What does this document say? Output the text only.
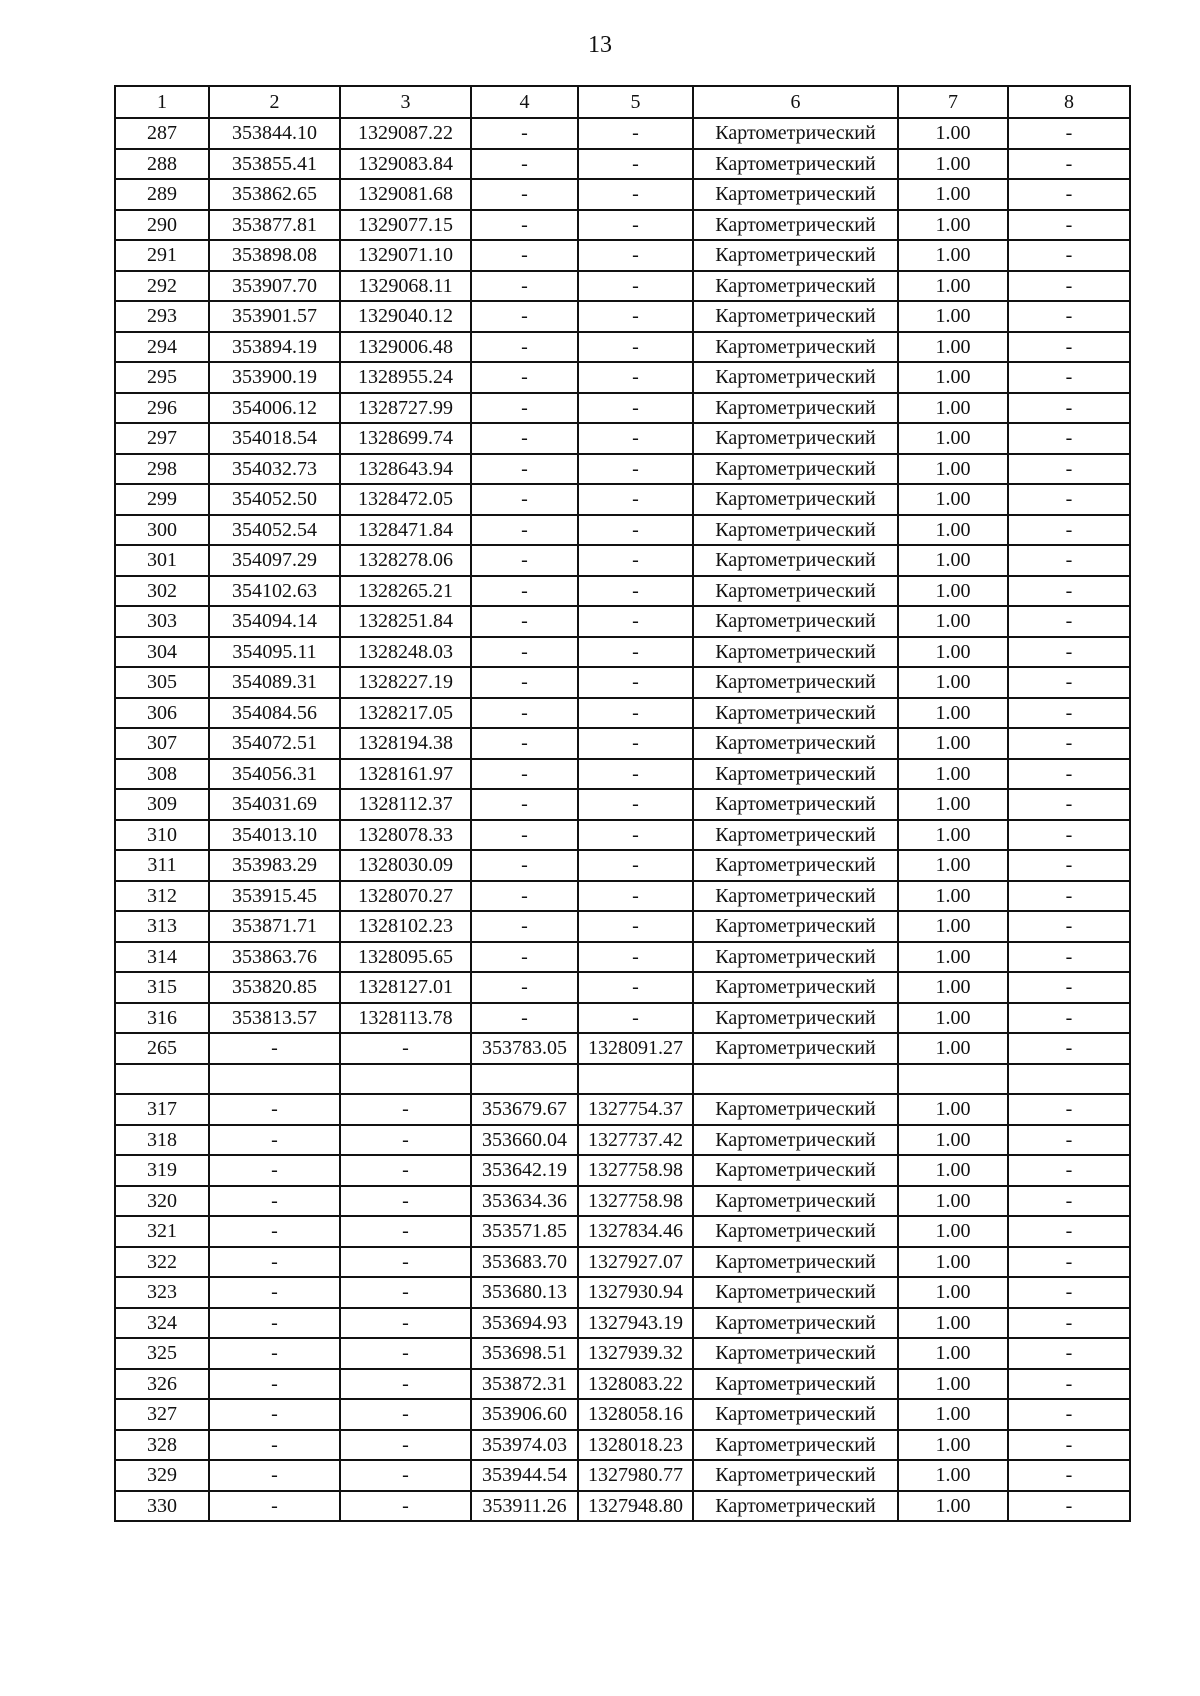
13
1	2	3	4	5	6	7	8
287	353844.10	1329087.22	-	-	Картометрический	1.00	-
288	353855.41	1329083.84	-	-	Картометрический	1.00	-
289	353862.65	1329081.68	-	-	Картометрический	1.00	-
290	353877.81	1329077.15	-	-	Картометрический	1.00	-
291	353898.08	1329071.10	-	-	Картометрический	1.00	-
292	353907.70	1329068.11	-	-	Картометрический	1.00	-
293	353901.57	1329040.12	-	-	Картометрический	1.00	-
294	353894.19	1329006.48	-	-	Картометрический	1.00	-
295	353900.19	1328955.24	-	-	Картометрический	1.00	-
296	354006.12	1328727.99	-	-	Картометрический	1.00	-
297	354018.54	1328699.74	-	-	Картометрический	1.00	-
298	354032.73	1328643.94	-	-	Картометрический	1.00	-
299	354052.50	1328472.05	-	-	Картометрический	1.00	-
300	354052.54	1328471.84	-	-	Картометрический	1.00	-
301	354097.29	1328278.06	-	-	Картометрический	1.00	-
302	354102.63	1328265.21	-	-	Картометрический	1.00	-
303	354094.14	1328251.84	-	-	Картометрический	1.00	-
304	354095.11	1328248.03	-	-	Картометрический	1.00	-
305	354089.31	1328227.19	-	-	Картометрический	1.00	-
306	354084.56	1328217.05	-	-	Картометрический	1.00	-
307	354072.51	1328194.38	-	-	Картометрический	1.00	-
308	354056.31	1328161.97	-	-	Картометрический	1.00	-
309	354031.69	1328112.37	-	-	Картометрический	1.00	-
310	354013.10	1328078.33	-	-	Картометрический	1.00	-
311	353983.29	1328030.09	-	-	Картометрический	1.00	-
312	353915.45	1328070.27	-	-	Картометрический	1.00	-
313	353871.71	1328102.23	-	-	Картометрический	1.00	-
314	353863.76	1328095.65	-	-	Картометрический	1.00	-
315	353820.85	1328127.01	-	-	Картометрический	1.00	-
316	353813.57	1328113.78	-	-	Картометрический	1.00	-
265	-	-	353783.05	1328091.27	Картометрический	1.00	-

317	-	-	353679.67	1327754.37	Картометрический	1.00	-
318	-	-	353660.04	1327737.42	Картометрический	1.00	-
319	-	-	353642.19	1327758.98	Картометрический	1.00	-
320	-	-	353634.36	1327758.98	Картометрический	1.00	-
321	-	-	353571.85	1327834.46	Картометрический	1.00	-
322	-	-	353683.70	1327927.07	Картометрический	1.00	-
323	-	-	353680.13	1327930.94	Картометрический	1.00	-
324	-	-	353694.93	1327943.19	Картометрический	1.00	-
325	-	-	353698.51	1327939.32	Картометрический	1.00	-
326	-	-	353872.31	1328083.22	Картометрический	1.00	-
327	-	-	353906.60	1328058.16	Картометрический	1.00	-
328	-	-	353974.03	1328018.23	Картометрический	1.00	-
329	-	-	353944.54	1327980.77	Картометрический	1.00	-
330	-	-	353911.26	1327948.80	Картометрический	1.00	-
